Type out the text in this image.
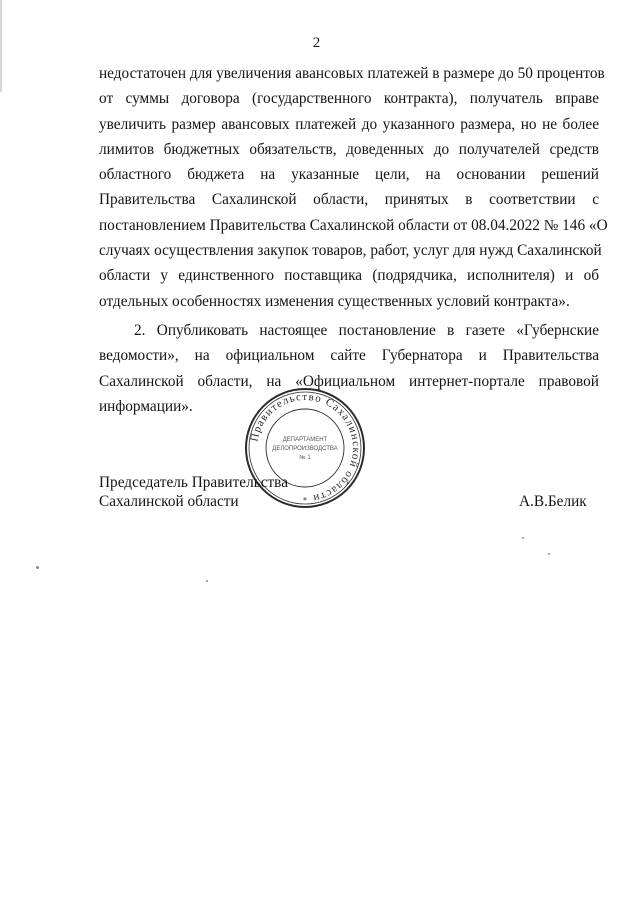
2
недостаточен для увеличения авансовых платежей в размере до 50 процентов
от суммы договора (государственного контракта), получатель вправе
увеличить размер авансовых платежей до указанного размера, но не более
лимитов бюджетных обязательств, доведенных до получателей средств
областного бюджета на указанные цели, на основании решений
Правительства Сахалинской области, принятых в соответствии с
постановлением Правительства Сахалинской области от 08.04.2022 № 146 «О
случаях осуществления закупок товаров, работ, услуг для нужд Сахалинской
области у единственного поставщика (подрядчика, исполнителя) и об
отдельных особенностях изменения существенных условий контракта».
2. Опубликовать настоящее постановление в газете «Губернские
ведомости», на официальном сайте Губернатора и Правительства
Сахалинской области, на «Официальном интернет-портале правовой
информации».
Правительство Сахалинской области
ДЕПАРТАМЕНТ
ДЕЛОПРОИЗВОДСТВА
№ 1
*
Председатель Правительства
Сахалинской области	А.В.Белик
